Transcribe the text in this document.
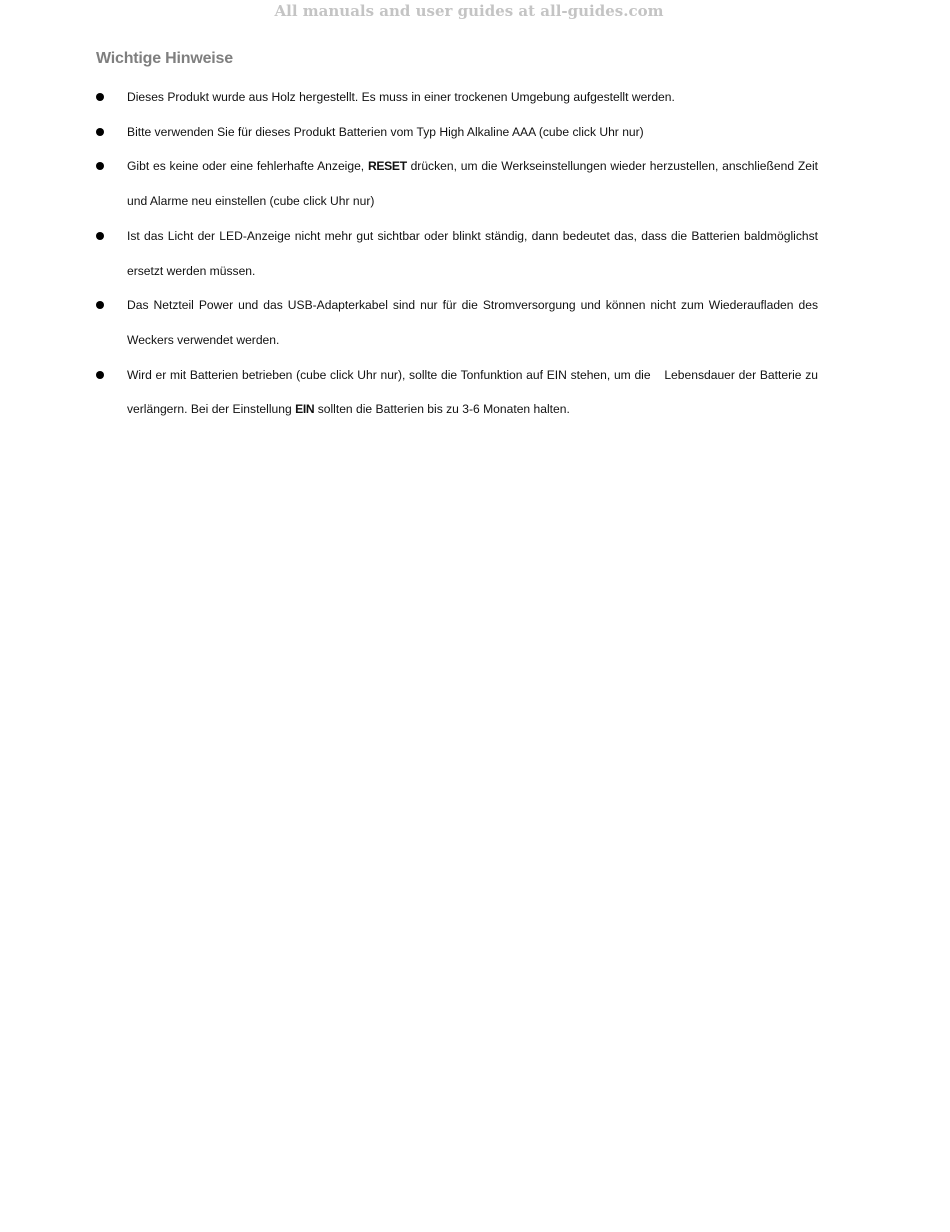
All manuals and user guides at all-guides.com
Wichtige Hinweise
Dieses Produkt wurde aus Holz hergestellt. Es muss in einer trockenen Umgebung aufgestellt werden.
Bitte verwenden Sie für dieses Produkt Batterien vom Typ High Alkaline AAA (cube click Uhr nur)
Gibt es keine oder eine fehlerhafte Anzeige, RESET drücken, um die Werkseinstellungen wieder herzustellen, anschließend Zeit und Alarme neu einstellen (cube click Uhr nur)
Ist das Licht der LED-Anzeige nicht mehr gut sichtbar oder blinkt ständig, dann bedeutet das, dass die Batterien baldmöglichst ersetzt werden müssen.
Das Netzteil Power und das USB-Adapterkabel sind nur für die Stromversorgung und können nicht zum Wiederaufladen des Weckers verwendet werden.
Wird er mit Batterien betrieben (cube click Uhr nur), sollte die Tonfunktion auf EIN stehen, um die Lebensdauer der Batterie zu verlängern. Bei der Einstellung EIN sollten die Batterien bis zu 3-6 Monaten halten.
